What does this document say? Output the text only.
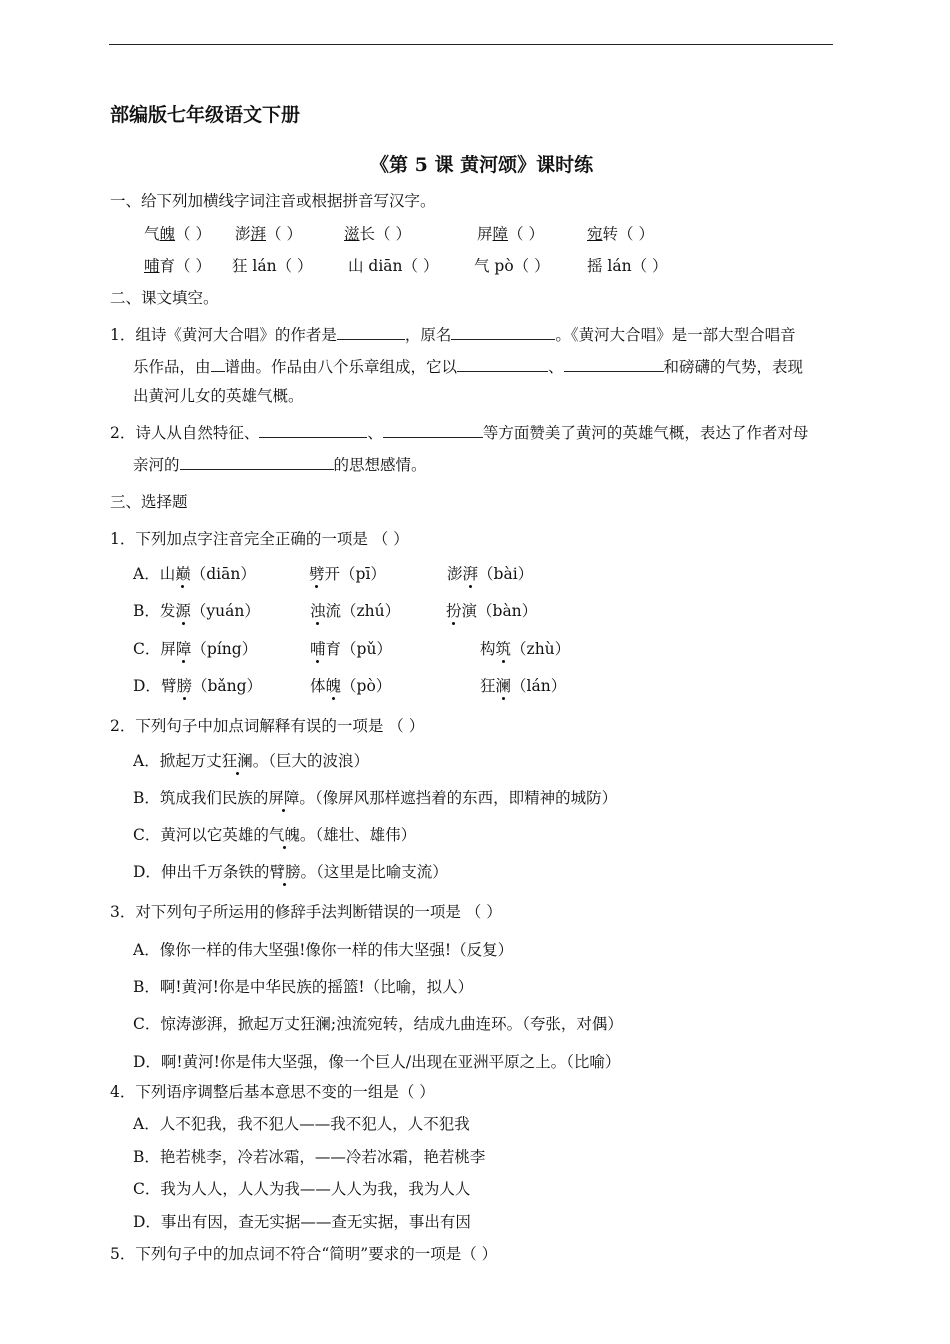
部编版七年级语文下册
《第 5 课 黄河颂》课时练
一、给下列加横线字词注音或根据拼音写汉字。
气魄（ ） 澎湃（ ）	滋长（ ）	屏障（ ）	宛转（ ）
哺育（ ） 狂 lán（ ） 山 diān（ ） 气 pò（ ） 摇 lán（ ）
二、课文填空。
1．组诗《黄河大合唱》的作者是	，原名	。《黄河大合唱》是一部大型合唱音
乐作品，由 谱曲。作品由八个乐章组成，它以	、	和磅礴的气势，表现
出黄河儿女的英雄气概。
2．诗人从自然特征、	、	等方面赞美了黄河的英雄气概，表达了作者对母
亲河的	的思想感情。
三、选择题
1．下列加点字注音完全正确的一项是 （ ）
A．山巅（diān）	劈开（pī）	澎湃（bài）
B．发源（yuán）	浊流（zhú）	扮演（bàn）
C．屏障（píng）	哺育（pǔ）	构筑（zhù）
D．臂膀（bǎng）	体魄（pò）	狂澜（lán）
2．下列句子中加点词解释有误的一项是 （ ）
A．掀起万丈狂澜。（巨大的波浪）
B．筑成我们民族的屏障。（像屏风那样遮挡着的东西，即精神的城防）
C．黄河以它英雄的气魄。（雄壮、雄伟）
D．伸出千万条铁的臂膀。（这里是比喻支流）
3．对下列句子所运用的修辞手法判断错误的一项是 （ ）
A．像你一样的伟大坚强!像你一样的伟大坚强!（反复）
B．啊!黄河!你是中华民族的摇篮!（比喻，拟人）
C．惊涛澎湃，掀起万丈狂澜;浊流宛转，结成九曲连环。（夸张，对偶）
D．啊!黄河!你是伟大坚强，像一个巨人/出现在亚洲平原之上。（比喻）
4．下列语序调整后基本意思不变的一组是（ ）
A．人不犯我，我不犯人——我不犯人，人不犯我
B．艳若桃李，冷若冰霜，——冷若冰霜，艳若桃李
C．我为人人，人人为我——人人为我，我为人人
D．事出有因，查无实据——查无实据，事出有因
5．下列句子中的加点词不符合“简明”要求的一项是（ ）
